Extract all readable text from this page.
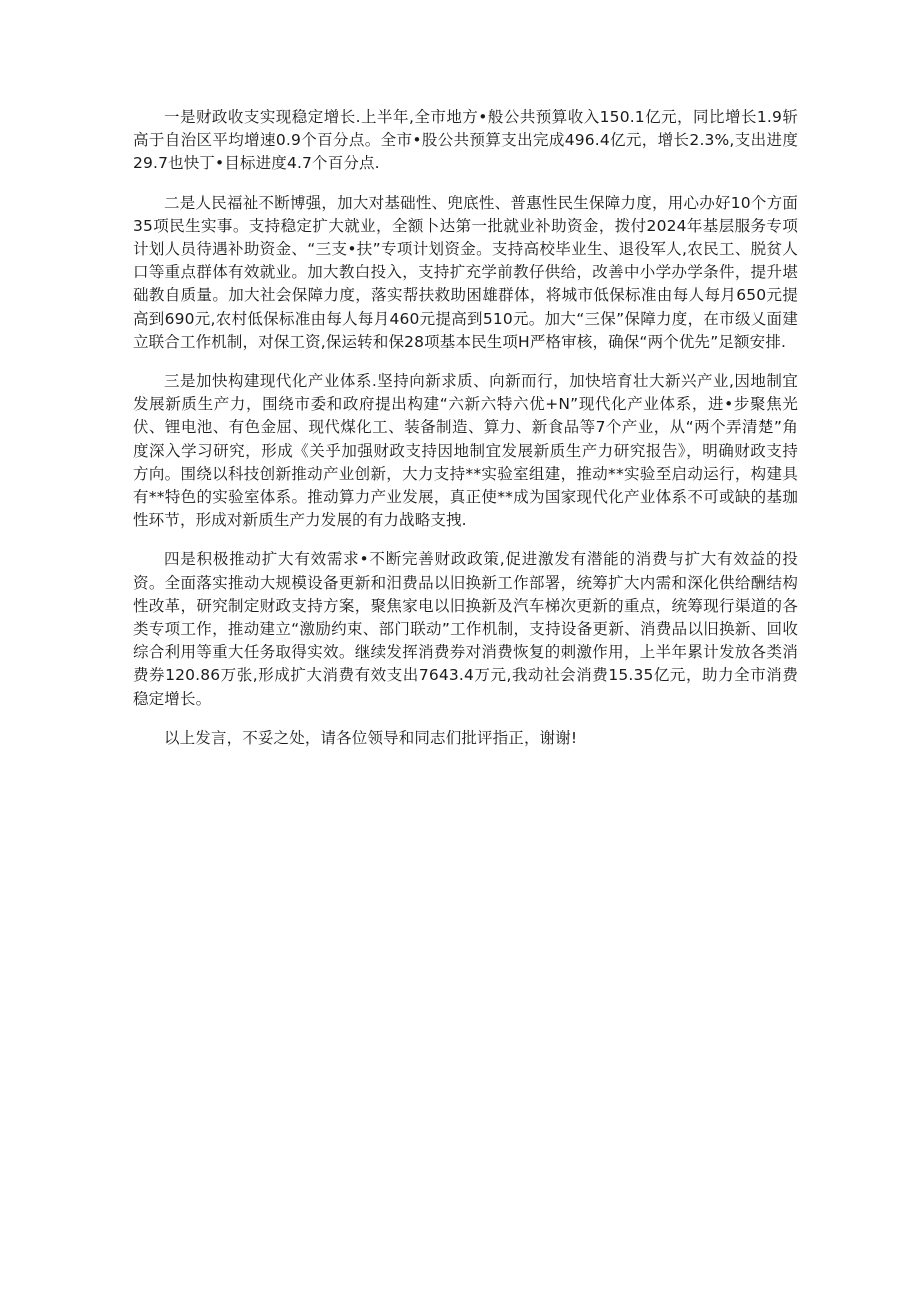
一是财政收支实现稳定增长.上半年,全市地方•般公共预算收入150.1亿元，同比增长1.9斩高于自治区平均增速0.9个百分点。全市•股公共预算支出完成496.4亿元，增长2.3%,支出进度29.7也快丁•目标进度4.7个百分点.

二是人民福祉不断博强，加大对基础性、兜底性、普惠性民生保障力度，用心办好10个方面35项民生实事。支持稳定扩大就业，全额卜达第一批就业补助资金，拨付2024年基层服务专项计划人员待遇补助资金、“三支•扶”专项计划资金。支持高校毕业生、退役军人,农民工、脱贫人口等重点群体有效就业。加大教白投入，支持扩充学前教仔供给，改善中小学办学条件，提升堪础教自质量。加大社会保障力度，落实帮扶救助困雄群体，将城市低保标准由每人每月650元提高到690元,农村低保标准由每人每月460元提高到510元。加大“三保”保障力度，在市级乂面建立联合工作机制，对保工资,保运转和保28项基本民生项H严格审核，确保“两个优先”足额安排.

三是加快构建现代化产业体系.坚持向新求质、向新而行，加快培育壮大新兴产业,因地制宜发展新质生产力，围绕市委和政府提出构建“六新六特六优+N”现代化产业体系，进•步聚焦光伏、锂电池、有色金屈、现代煤化工、装备制造、算力、新食品等7个产业，从“两个弄清楚”角度深入学习研究，形成《关乎加强财政支持因地制宜发展新质生产力研究报告》，明确财政支持方向。围绕以科技创新推动产业创新，大力支持**实验室组建，推动**实验至启动运行，构建具有**特色的实验室体系。推动算力产业发展，真正使**成为国家现代化产业体系不可或缺的基珈性环节，形成对新质生产力发展的有力战略支拽.

四是积极推动扩大有效需求•不断完善财政政策,促进激发有潜能的消费与扩大有效益的投资。全面落实推动大规模设备更新和汨费品以旧换新工作部署，统筹扩大内需和深化供给酬结构性改革，研究制定财政支持方案，聚焦家电以旧换新及汽车梯次更新的重点，统筹现行渠道的各类专项工作，推动建立“激励约束、部门联动”工作机制，支持设备更新、消费品以旧换新、回收综合利用等重大任务取得实效。继续发挥消费券对消费恢复的刺激作用，上半年累计发放各类消费券120.86万张,形成扩大消费有效支出7643.4万元,我动社会消费15.35亿元，助力全市消费稳定增长。

以上发言，不妥之处，请各位领导和同志们批评指正，谢谢!
